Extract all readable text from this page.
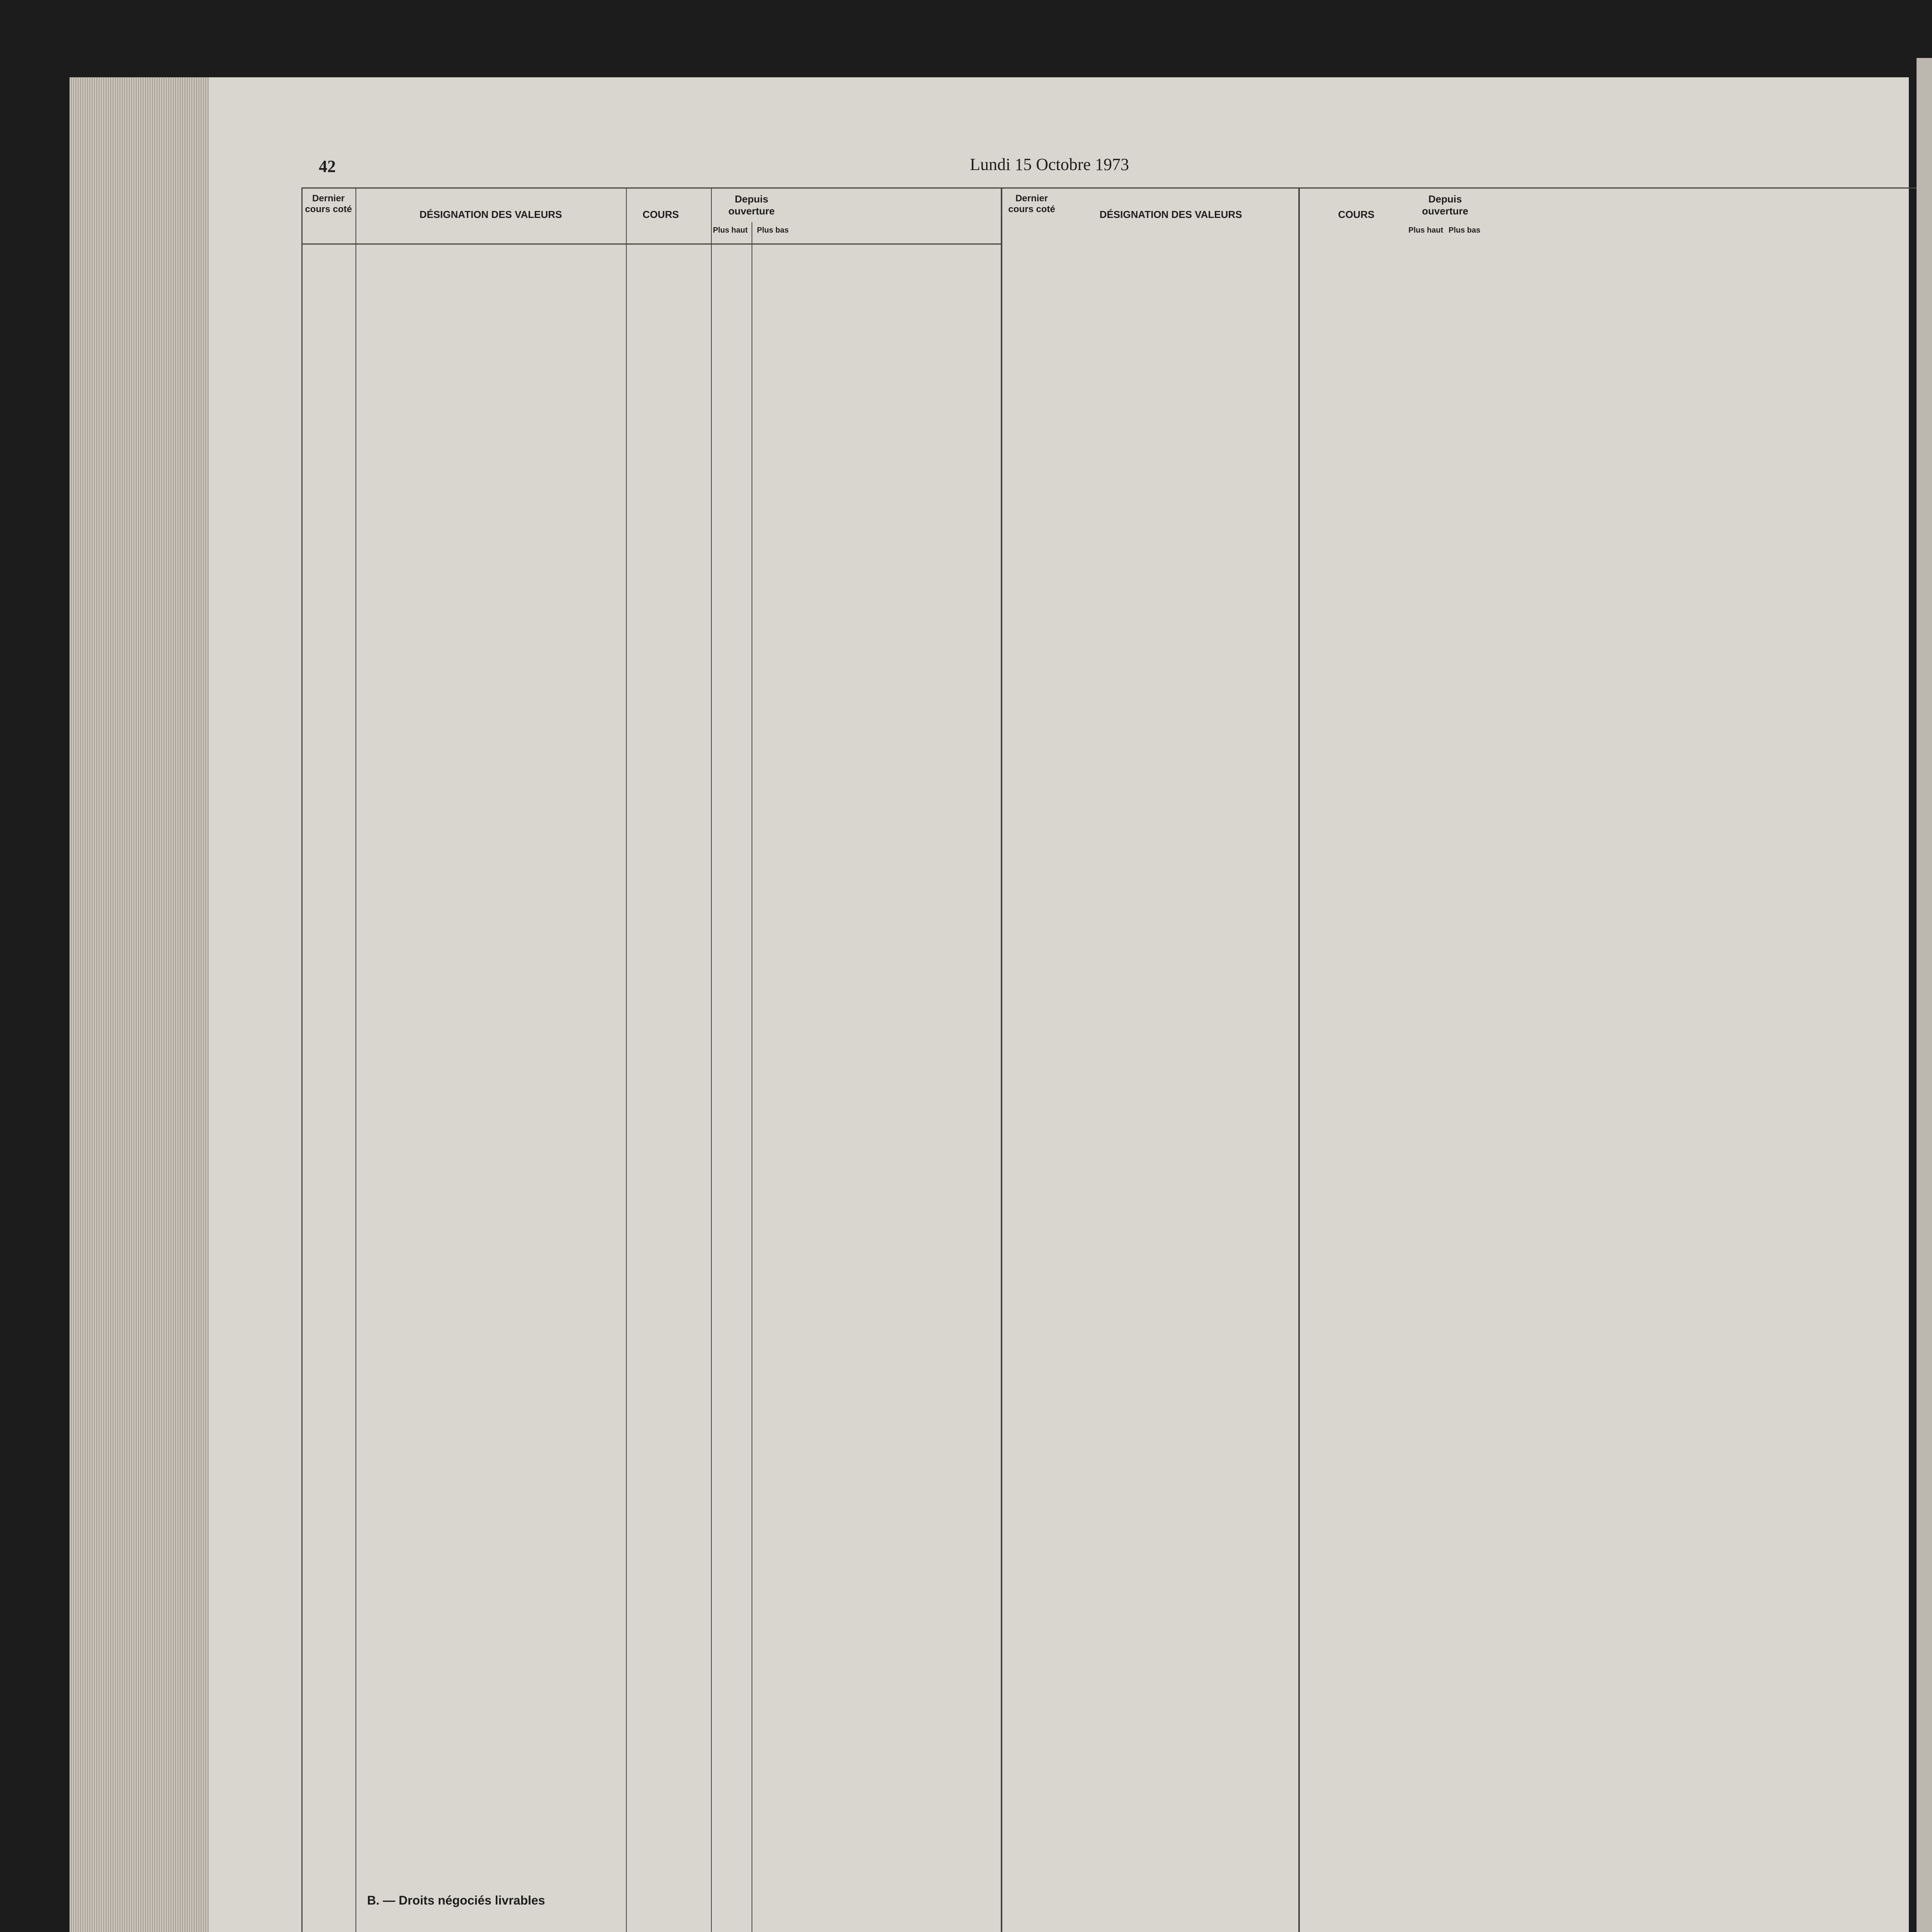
42	Lundi 15 Octobre 1973
Dernier cours coté	DÉSIGNATION DES VALEURS	COURS
Depuis ouverture
Plus haut	Plus bas
B. — Droits négociés livrables
Dernier cours coté	DÉSIGNATION DES VALEURS	COURS
Depuis ouverture
Plus haut Plus bas
